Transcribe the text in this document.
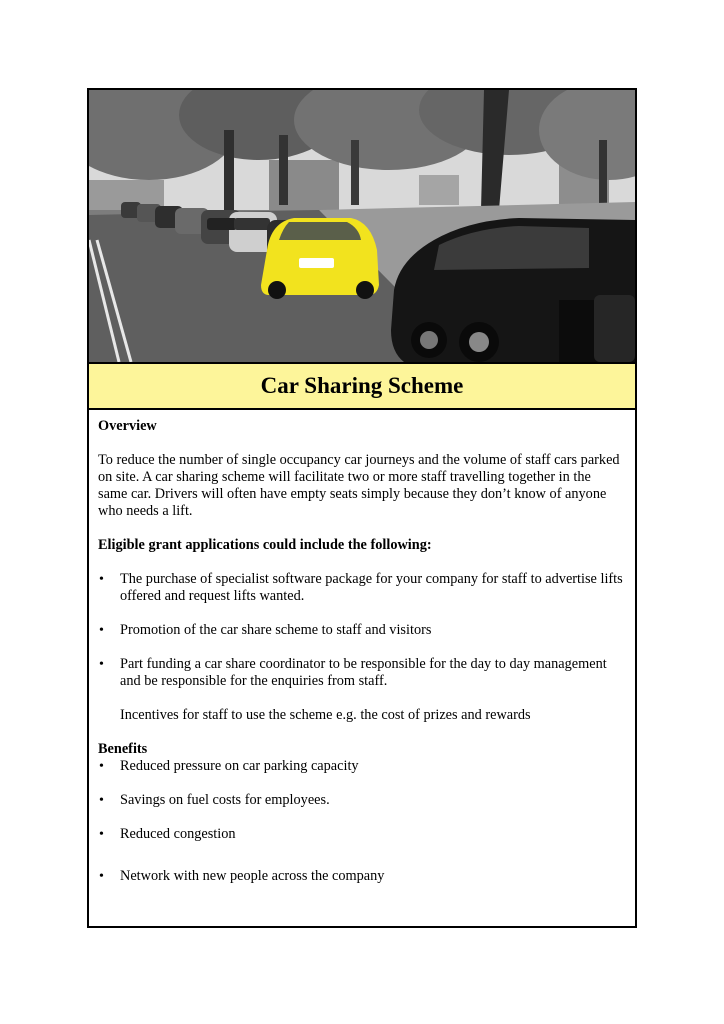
Car Sharing Scheme

Overview

To reduce the number of single occupancy car journeys and the volume of staff cars parked on site. A car sharing scheme will facilitate two or more staff travelling together in the same car. Drivers will often have empty seats simply because they don’t know of anyone who needs a lift.

Eligible grant applications could include the following:

• The purchase of specialist software package for your company for staff to advertise lifts offered and request lifts wanted.
• Promotion of the car share scheme to staff and visitors
• Part funding a car share coordinator to be responsible for the day to day management and be responsible for the enquiries from staff.

Incentives for staff to use the scheme e.g. the cost of prizes and rewards

Benefits

• Reduced pressure on car parking capacity
• Savings on fuel costs for employees.
• Reduced congestion
• Network with new people across the company
